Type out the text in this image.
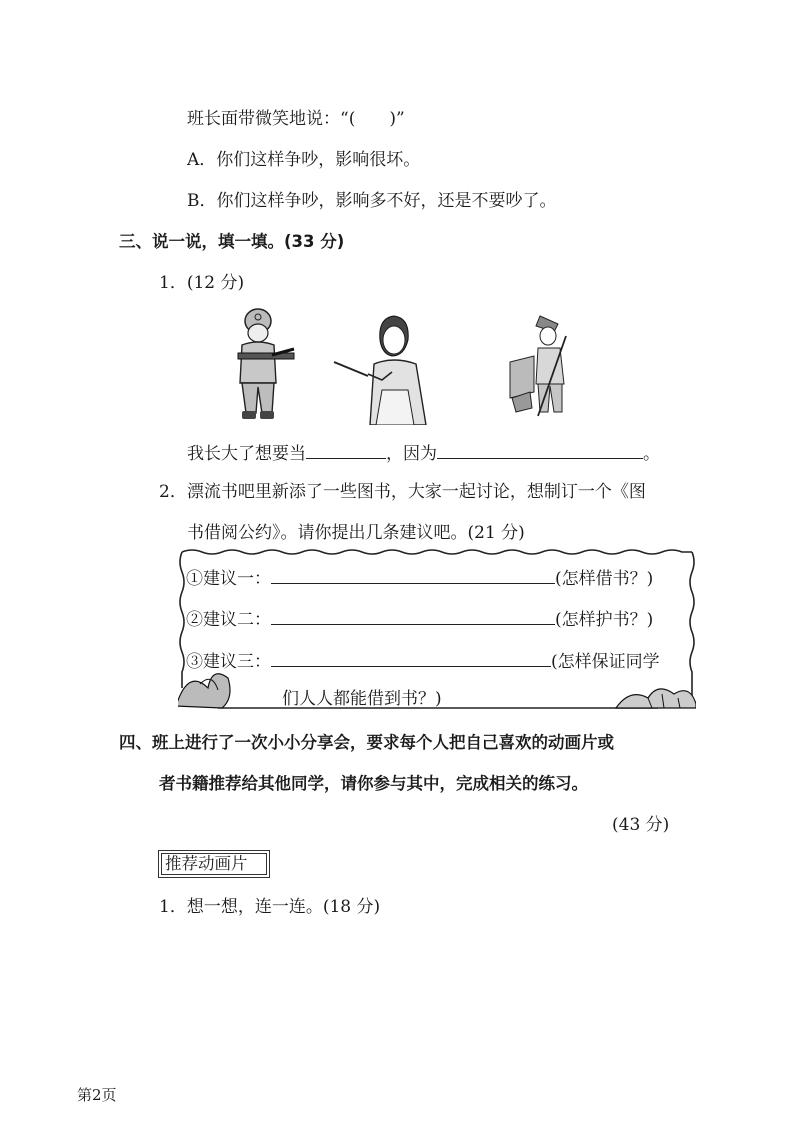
班长面带微笑地说：“(　　)”
A．你们这样争吵，影响很坏。
B．你们这样争吵，影响多不好，还是不要吵了。
三、说一说，填一填。(33 分)
1．(12 分)
我长大了想要当	，因为	。
2．漂流书吧里新添了一些图书，大家一起讨论，想制订一个《图
书借阅公约》。请你提出几条建议吧。(21 分)
①建议一：	(怎样借书？)
②建议二：	(怎样护书？)
③建议三：	(怎样保证同学
们人人都能借到书？)
四、班上进行了一次小小分享会，要求每个人把自己喜欢的动画片或
者书籍推荐给其他同学，请你参与其中，完成相关的练习。
(43 分)
推荐动画片
1．想一想，连一连。(18 分)
第2页
